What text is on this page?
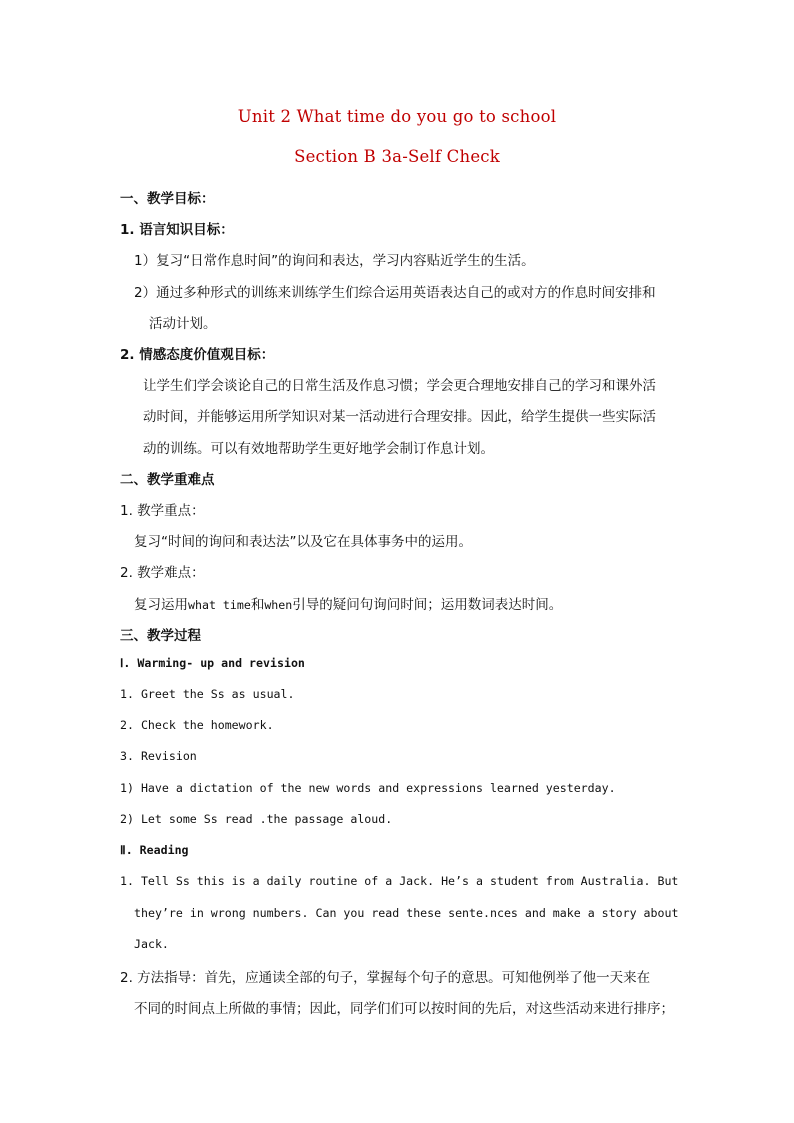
Unit 2 What time do you go to school
Section B 3a-Self Check
一、教学目标：
1. 语言知识目标：
1）复习“日常作息时间”的询问和表达，学习内容贴近学生的生活。
2）通过多种形式的训练来训练学生们综合运用英语表达自己的或对方的作息时间安排和
活动计划。
2. 情感态度价值观目标：
让学生们学会谈论自己的日常生活及作息习惯；学会更合理地安排自己的学习和课外活
动时间，并能够运用所学知识对某一活动进行合理安排。因此，给学生提供一些实际活
动的训练。可以有效地帮助学生更好地学会制订作息计划。
二、教学重难点
1. 教学重点：
复习“时间的询问和表达法”以及它在具体事务中的运用。
2. 教学难点：
复习运用what time和when引导的疑问句询问时间；运用数词表达时间。
三、教学过程
Ⅰ. Warming- up and revision
1. Greet the Ss as usual.
2. Check the homework.
3. Revision
1) Have a dictation of the new words and expressions learned yesterday.
2) Let some Ss read .the passage aloud.
Ⅱ. Reading
1. Tell Ss this is a daily routine of a Jack. He’s a student from Australia. But
they’re in wrong numbers. Can you read these sente.nces and make a story about
Jack.
2. 方法指导：首先，应通读全部的句子，掌握每个句子的意思。可知他例举了他一天来在
不同的时间点上所做的事情；因此，同学们们可以按时间的先后，对这些活动来进行排序；
